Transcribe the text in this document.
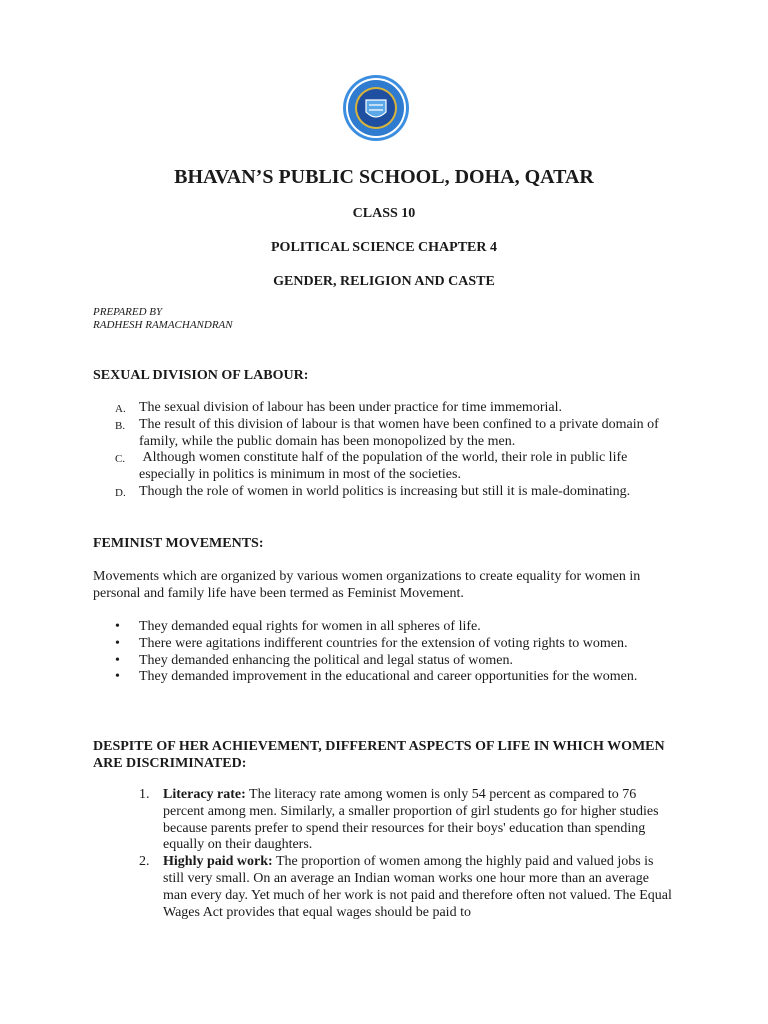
BHAVAN’S PUBLIC SCHOOL, DOHA, QATAR
CLASS 10
POLITICAL SCIENCE CHAPTER 4
GENDER, RELIGION AND CASTE
PREPARED BY
RADHESH RAMACHANDRAN
SEXUAL DIVISION OF LABOUR:
A. The sexual division of labour has been under practice for time immemorial.
B. The result of this division of labour is that women have been confined to a private domain of family, while the public domain has been monopolized by the men.
C. Although women constitute half of the population of the world, their role in public life especially in politics is minimum in most of the societies.
D. Though the role of women in world politics is increasing but still it is male-dominating.
FEMINIST MOVEMENTS:
Movements which are organized by various women organizations to create equality for women in personal and family life have been termed as Feminist Movement.
• They demanded equal rights for women in all spheres of life.
• There were agitations indifferent countries for the extension of voting rights to women.
• They demanded enhancing the political and legal status of women.
• They demanded improvement in the educational and career opportunities for the women.
DESPITE OF HER ACHIEVEMENT, DIFFERENT ASPECTS OF LIFE IN WHICH WOMEN ARE DISCRIMINATED:
1. Literacy rate: The literacy rate among women is only 54 percent as compared to 76 percent among men. Similarly, a smaller proportion of girl students go for higher studies because parents prefer to spend their resources for their boys' education than spending equally on their daughters.
2. Highly paid work: The proportion of women among the highly paid and valued jobs is still very small. On an average an Indian woman works one hour more than an average man every day. Yet much of her work is not paid and therefore often not valued. The Equal Wages Act provides that equal wages should be paid to
